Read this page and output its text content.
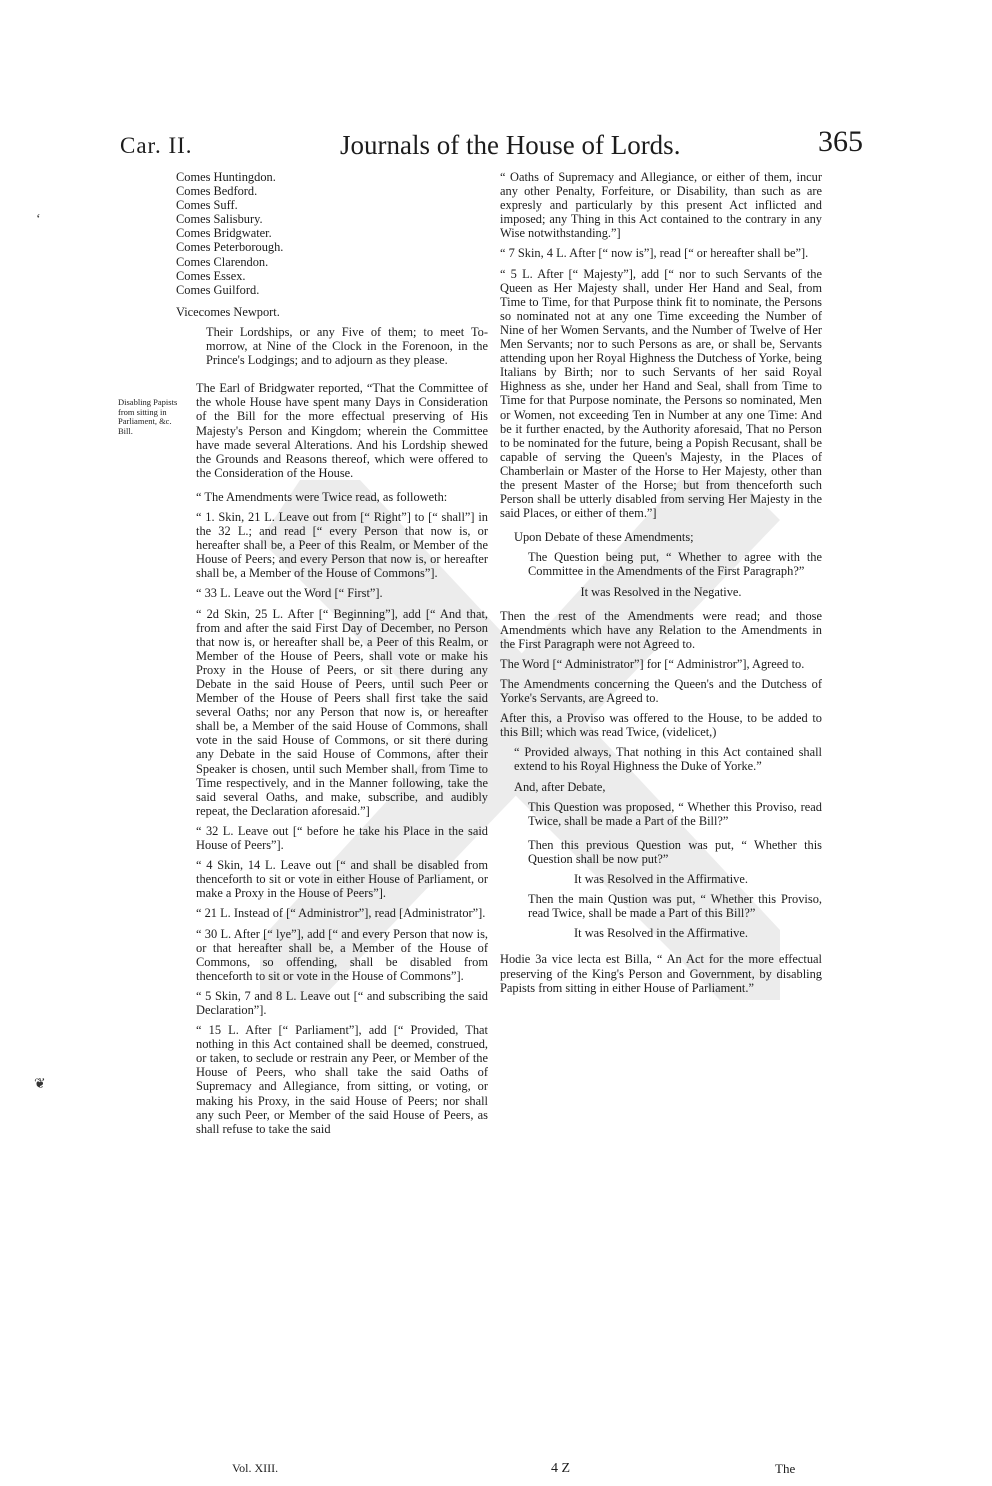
Car. II.	Journals of the House of Lords.	365
‘
❦
Disabling Papists from sitting in Parliament, &c. Bill.
Comes Huntingdon.
Comes Bedford.
Comes Suff.
Comes Salisbury.
Comes Bridgwater.
Comes Peterborough.
Comes Clarendon.
Comes Essex.
Comes Guilford.
Vicecomes Newport.
Their Lordships, or any Five of them; to meet To-morrow, at Nine of the Clock in the Forenoon, in the Prince's Lodgings; and to adjourn as they please.
The Earl of Bridgwater reported, “That the Committee of the whole House have spent many Days in Consideration of the Bill for the more effectual preserving of His Majesty's Person and Kingdom; wherein the Committee have made several Alterations. And his Lordship shewed the Grounds and Reasons thereof, which were offered to the Consideration of the House.
“ The Amendments were Twice read, as followeth:
“ 1. Skin, 21 L. Leave out from [“ Right”] to [“ shall”] in the 32 L.; and read [“ every Person that now is, or hereafter shall be, a Peer of this Realm, or Member of the House of Peers; and every Person that now is, or hereafter shall be, a Member of the House of Commons”].
“ 33 L. Leave out the Word [“ First”].
“ 2d Skin, 25 L. After [“ Beginning”], add [“ And that, from and after the said First Day of December, no Person that now is, or hereafter shall be, a Peer of this Realm, or Member of the House of Peers, shall vote or make his Proxy in the House of Peers, or sit there during any Debate in the said House of Peers, until such Peer or Member of the House of Peers shall first take the said several Oaths; nor any Person that now is, or hereafter shall be, a Member of the said House of Commons, shall vote in the said House of Commons, or sit there during any Debate in the said House of Commons, after their Speaker is chosen, until such Member shall, from Time to Time respectively, and in the Manner following, take the said several Oaths, and make, subscribe, and audibly repeat, the Declaration aforesaid.”]
“ 32 L. Leave out [“ before he take his Place in the said House of Peers”].
“ 4 Skin, 14 L. Leave out [“ and shall be disabled from thenceforth to sit or vote in either House of Parliament, or make a Proxy in the House of Peers”].
“ 21 L. Instead of [“ Administror”], read [Administrator”].
“ 30 L. After [“ lye”], add [“ and every Person that now is, or that hereafter shall be, a Member of the House of Commons, so offending, shall be disabled from thenceforth to sit or vote in the House of Commons”].
“ 5 Skin, 7 and 8 L. Leave out [“ and subscribing the said Declaration”].
“ 15 L. After [“ Parliament”], add [“ Provided, That nothing in this Act contained shall be deemed, construed, or taken, to seclude or restrain any Peer, or Member of the House of Peers, who shall take the said Oaths of Supremacy and Allegiance, from sitting, or voting, or making his Proxy, in the said House of Peers; nor shall any such Peer, or Member of the said House of Peers, as shall refuse to take the said
Vol. XIII.
“ Oaths of Supremacy and Allegiance, or either of them, incur any other Penalty, Forfeiture, or Disability, than such as are expresly and particularly by this present Act inflicted and imposed; any Thing in this Act contained to the contrary in any Wise notwithstanding.”]
“ 7 Skin, 4 L. After [“ now is”], read [“ or hereafter shall be”].
“ 5 L. After [“ Majesty”], add [“ nor to such Servants of the Queen as Her Majesty shall, under Her Hand and Seal, from Time to Time, for that Purpose think fit to nominate, the Persons so nominated not at any one Time exceeding the Number of Nine of her Women Servants, and the Number of Twelve of Her Men Servants; nor to such Persons as are, or shall be, Servants attending upon her Royal Highness the Dutchess of Yorke, being Italians by Birth; nor to such Servants of her said Royal Highness as she, under her Hand and Seal, shall from Time to Time for that Purpose nominate, the Persons so nominated, Men or Women, not exceeding Ten in Number at any one Time: And be it further enacted, by the Authority aforesaid, That no Person to be nominated for the future, being a Popish Recusant, shall be capable of serving the Queen's Majesty, in the Places of Chamberlain or Master of the Horse to Her Majesty, other than the present Master of the Horse; but from thenceforth such Person shall be utterly disabled from serving Her Majesty in the said Places, or either of them.”]
Upon Debate of these Amendments;
The Question being put, “ Whether to agree with the Committee in the Amendments of the First Paragraph?”
It was Resolved in the Negative.
Then the rest of the Amendments were read; and those Amendments which have any Relation to the Amendments in the First Paragraph were not Agreed to.
The Word [“ Administrator”] for [“ Administror”], Agreed to.
The Amendments concerning the Queen's and the Dutchess of Yorke's Servants, are Agreed to.
After this, a Proviso was offered to the House, to be added to this Bill; which was read Twice, (videlicet,)
“ Provided always, That nothing in this Act contained shall extend to his Royal Highness the Duke of Yorke.”
And, after Debate,
This Question was proposed, “ Whether this Proviso, read Twice, shall be made a Part of the Bill?”
Then this previous Question was put, “ Whether this Question shall be now put?”
It was Resolved in the Affirmative.
Then the main Qustion was put, “ Whether this Proviso, read Twice, shall be made a Part of this Bill?”
It was Resolved in the Affirmative.
Hodie 3a vice lecta est Billa, “ An Act for the more effectual preserving of the King's Person and Government, by disabling Papists from sitting in either House of Parliament.”
4 Z	The
